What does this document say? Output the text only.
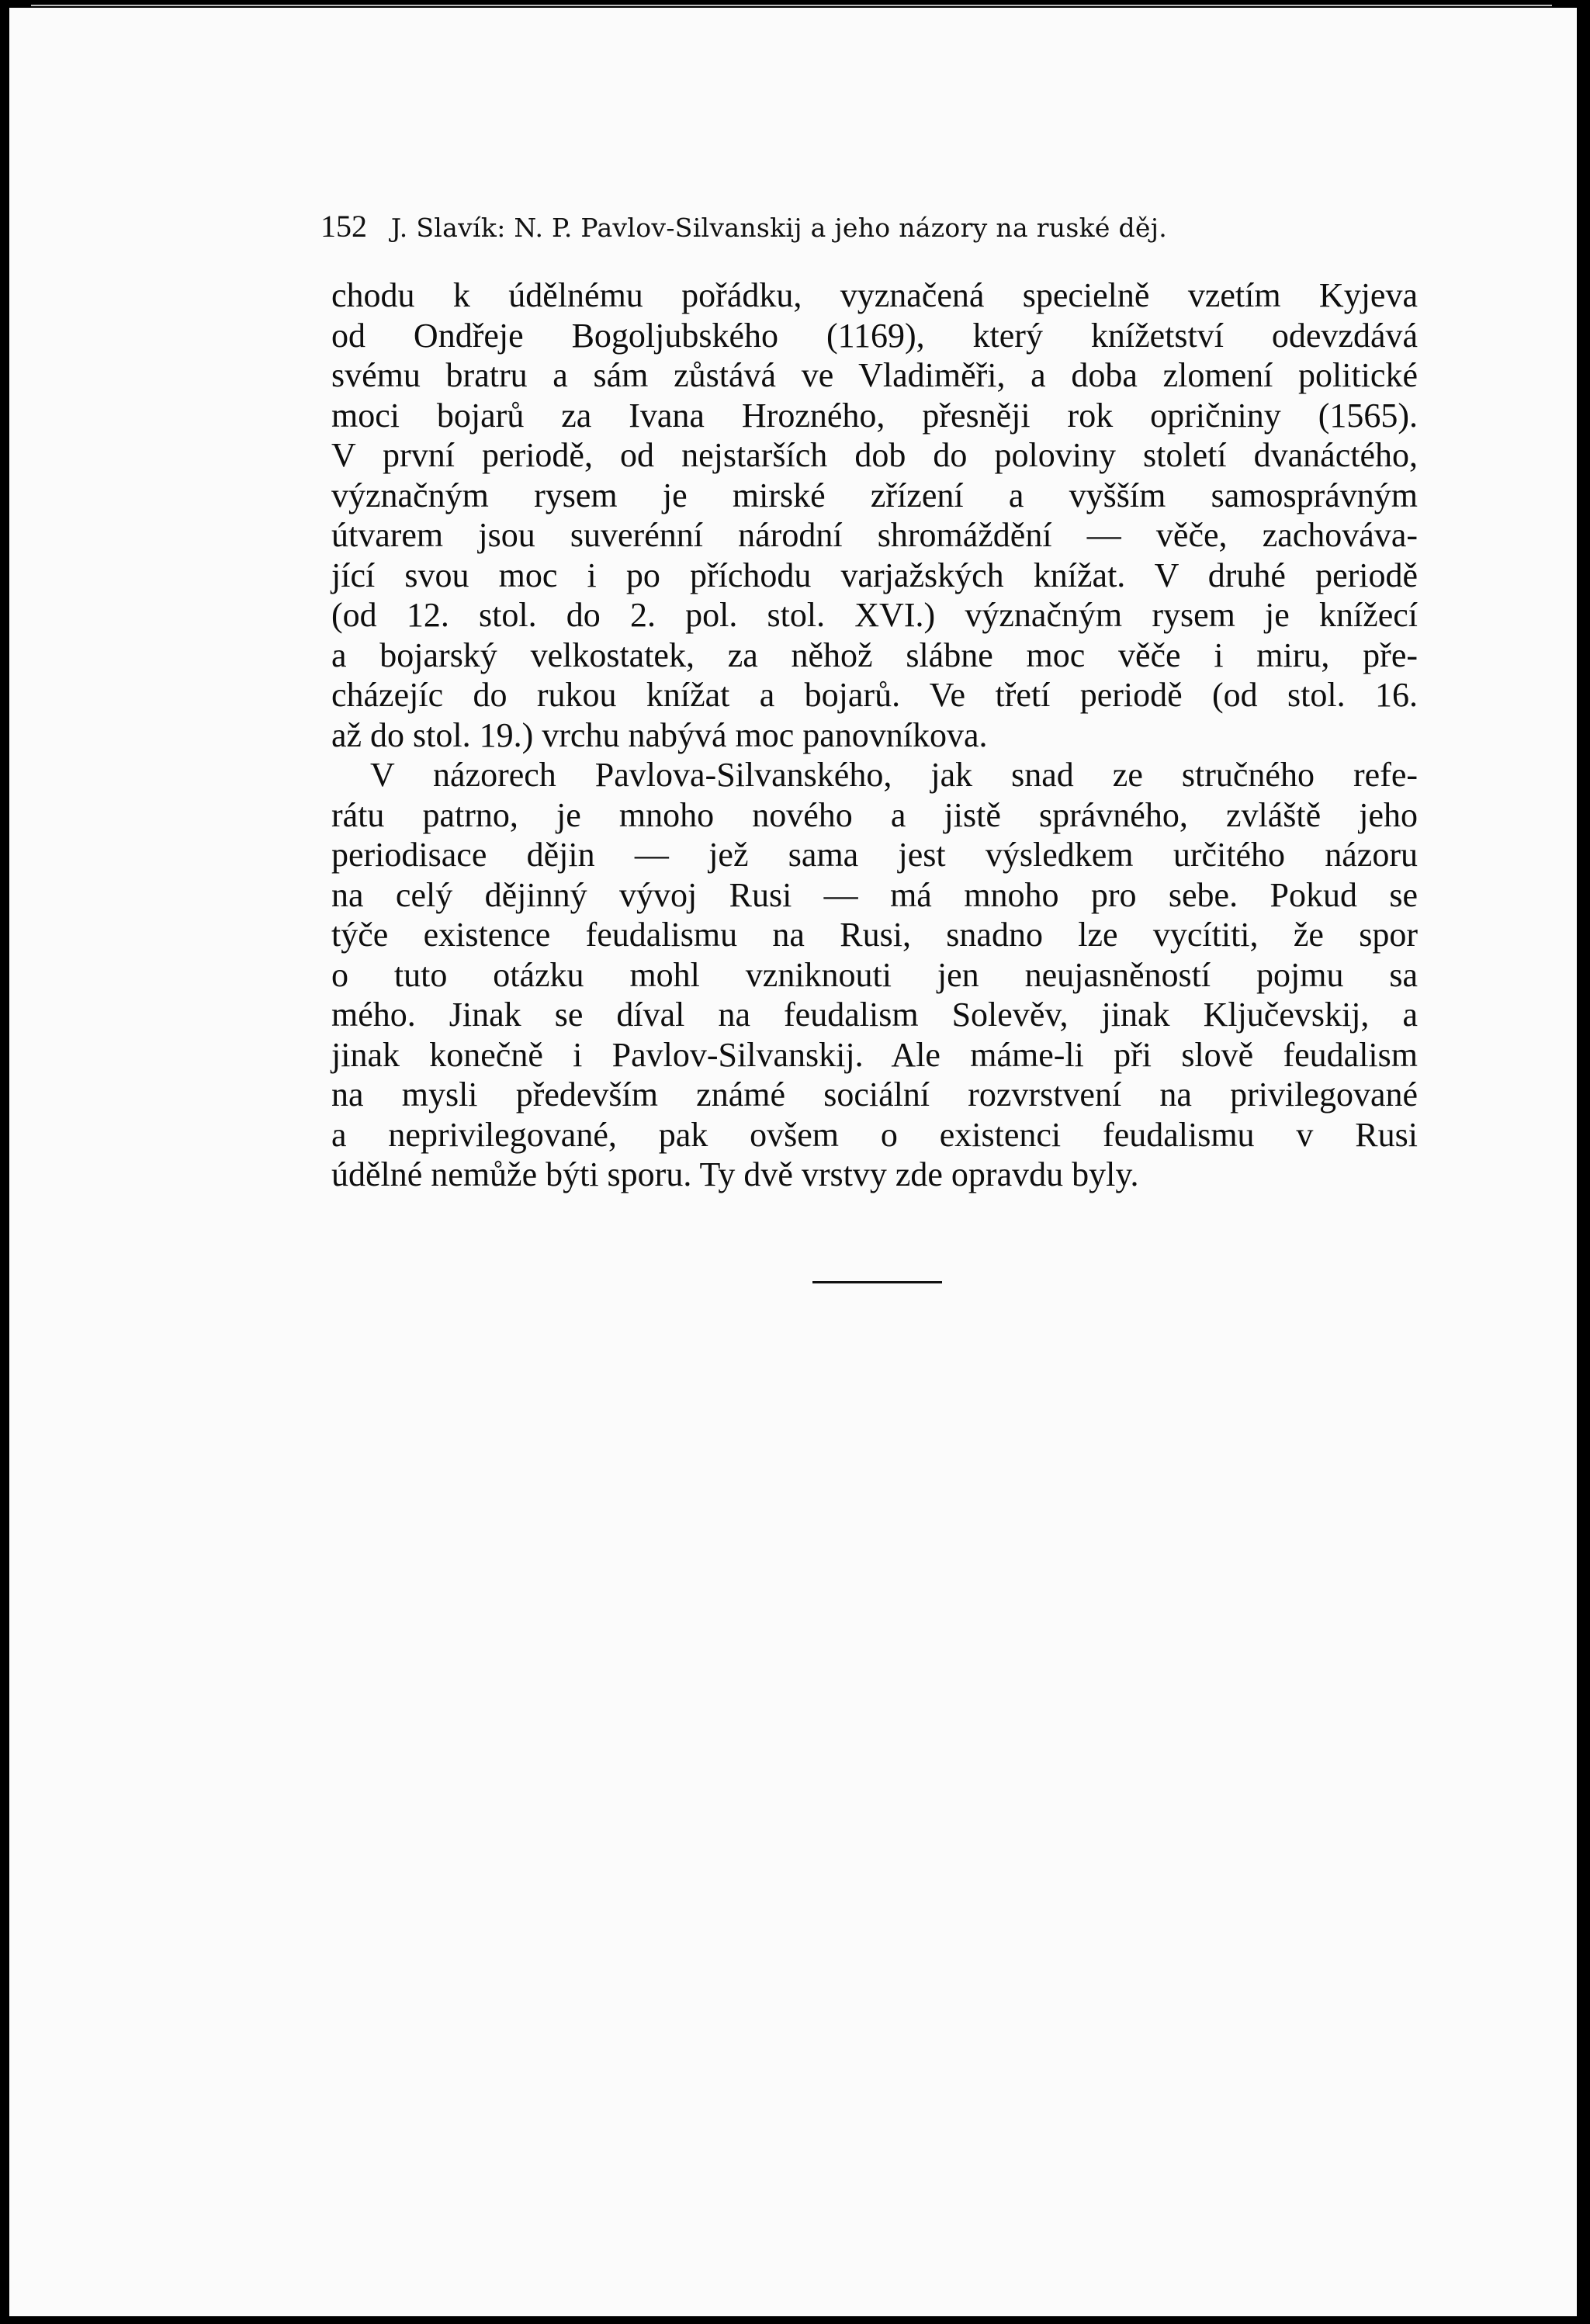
152 J. Slavík: N. P. Pavlov-Silvanskij a jeho názory na ruské děj.
chodu k údělnému pořádku, vyznačená specielně vzetím Kyjeva
od Ondřeje Bogoljubského (1169), který knížetství odevzdává
svému bratru a sám zůstává ve Vladiměři, a doba zlomení politické
moci bojarů za Ivana Hrozného, přesněji rok opričniny (1565).
V první periodě, od nejstarších dob do poloviny století dvanáctého,
význačným rysem je mirské zřízení a vyšším samosprávným
útvarem jsou suverénní národní shromáždění — věče, zachováva-
jící svou moc i po příchodu varjažských knížat. V druhé periodě
(od 12. stol. do 2. pol. stol. XVI.) význačným rysem je knížecí
a bojarský velkostatek, za něhož slábne moc věče i miru, pře-
cházejíc do rukou knížat a bojarů. Ve třetí periodě (od stol. 16.
až do stol. 19.) vrchu nabývá moc panovníkova.
V názorech Pavlova-Silvanského, jak snad ze stručného refe-
rátu patrno, je mnoho nového a jistě správného, zvláště jeho
periodisace dějin — jež sama jest výsledkem určitého názoru
na celý dějinný vývoj Rusi — má mnoho pro sebe. Pokud se
týče existence feudalismu na Rusi, snadno lze vycítiti, že spor
o tuto otázku mohl vzniknouti jen neujasněností pojmu sa
mého. Jinak se díval na feudalism Solevěv, jinak Ključevskij, a
jinak konečně i Pavlov-Silvanskij. Ale máme-li při slově feudalism
na mysli především známé sociální rozvrstvení na privilegované
a neprivilegované, pak ovšem o existenci feudalismu v Rusi
údělné nemůže býti sporu. Ty dvě vrstvy zde opravdu byly.
